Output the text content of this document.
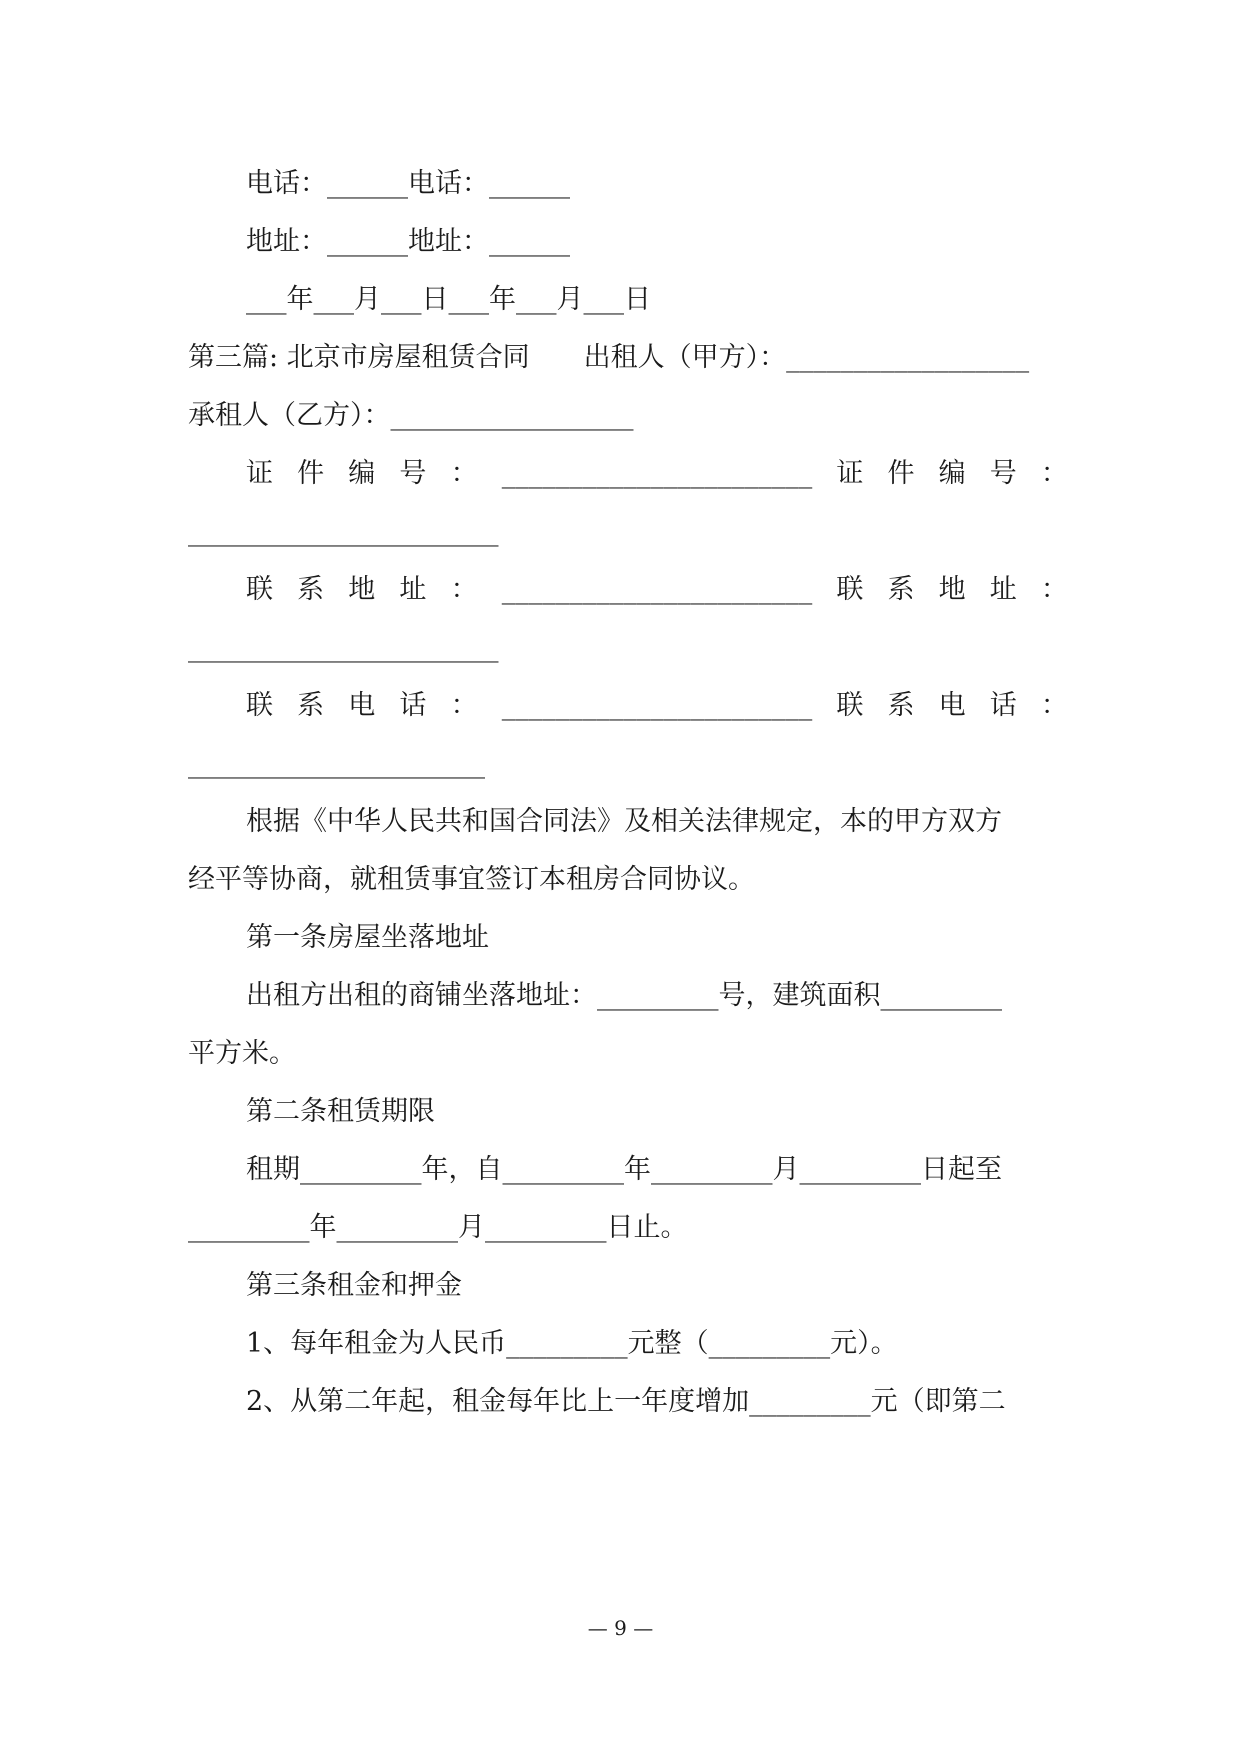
电话：______电话：______
地址：______地址：______
___年___月___日___年___月___日
第三篇: 北京市房屋租赁合同　　出租人（甲方）：__________________
承租人（乙方）：__________________
证 件 编 号 ： _______________________ 证 件 编 号 ：
_______________________
联 系 地 址 ： _______________________ 联 系 地 址 ：
_______________________
联 系 电 话 ： _______________________ 联 系 电 话 ：
______________________
根据《中华人民共和国合同法》及相关法律规定，本的甲方双方
经平等协商，就租赁事宜签订本租房合同协议。
第一条房屋坐落地址
出租方出租的商铺坐落地址：_________号，建筑面积_________
平方米。
第二条租赁期限
租期_________年，自_________年_________月_________日起至
_________年_________月_________日止。
第三条租金和押金
1、每年租金为人民币_________元整（_________元）。
2、从第二年起，租金每年比上一年度增加_________元（即第二
— 9 —
